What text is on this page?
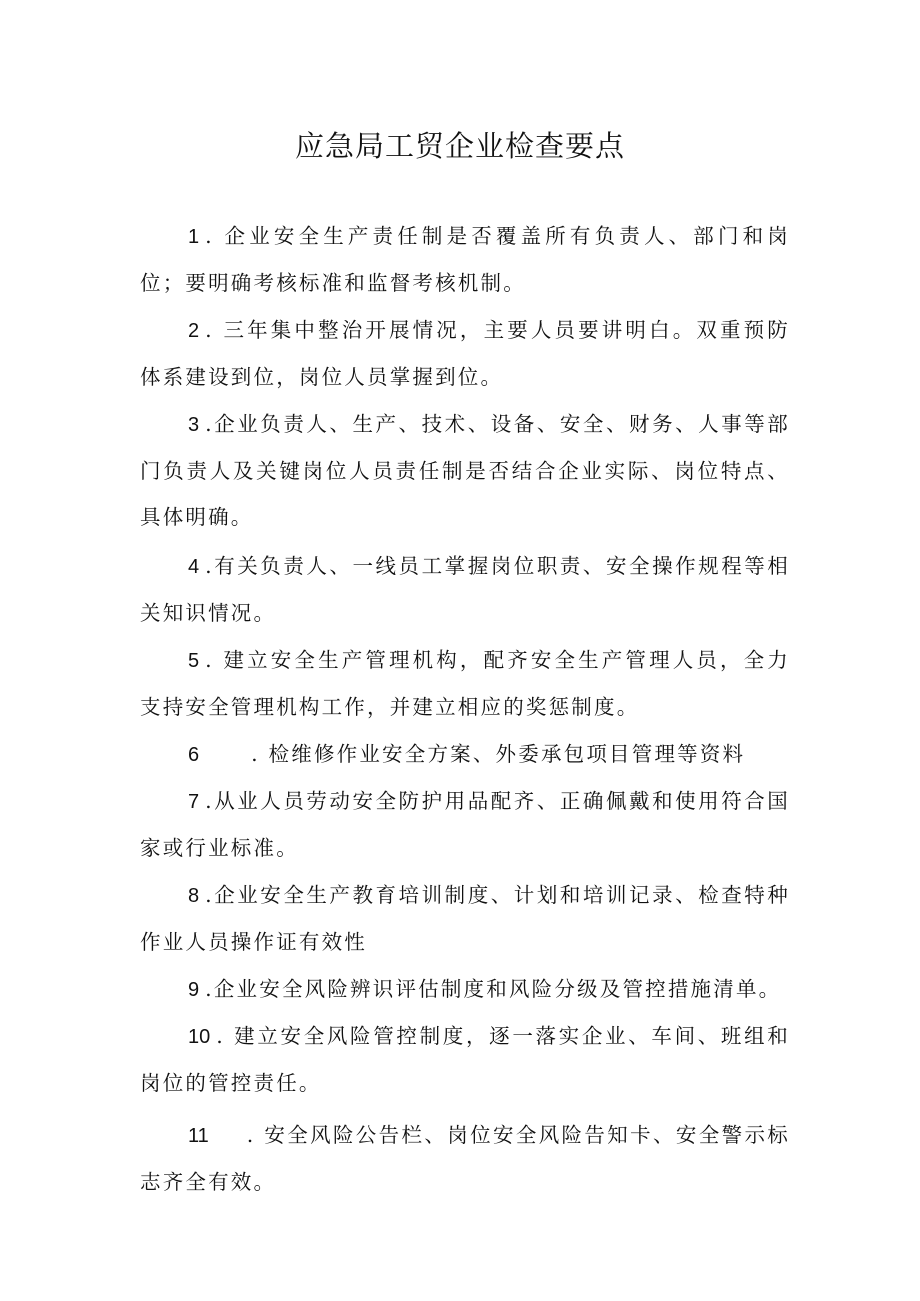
应急局工贸企业检查要点

1 . 企业安全生产责任制是否覆盖所有负责人、部门和岗位；要明确考核标准和监督考核机制。

2 . 三年集中整治开展情况，主要人员要讲明白。双重预防体系建设到位，岗位人员掌握到位。

3 .企业负责人、生产、技术、设备、安全、财务、人事等部门负责人及关键岗位人员责任制是否结合企业实际、岗位特点、具体明确。

4 .有关负责人、一线员工掌握岗位职责、安全操作规程等相关知识情况。

5 . 建立安全生产管理机构，配齐安全生产管理人员，全力支持安全管理机构工作，并建立相应的奖惩制度。

6	. 检维修作业安全方案、外委承包项目管理等资料

7 .从业人员劳动安全防护用品配齐、正确佩戴和使用符合国家或行业标准。

8 .企业安全生产教育培训制度、计划和培训记录、检查特种作业人员操作证有效性

9 .企业安全风险辨识评估制度和风险分级及管控措施清单。

10 . 建立安全风险管控制度，逐一落实企业、车间、班组和岗位的管控责任。

11 . 安全风险公告栏、岗位安全风险告知卡、安全警示标志齐全有效。
